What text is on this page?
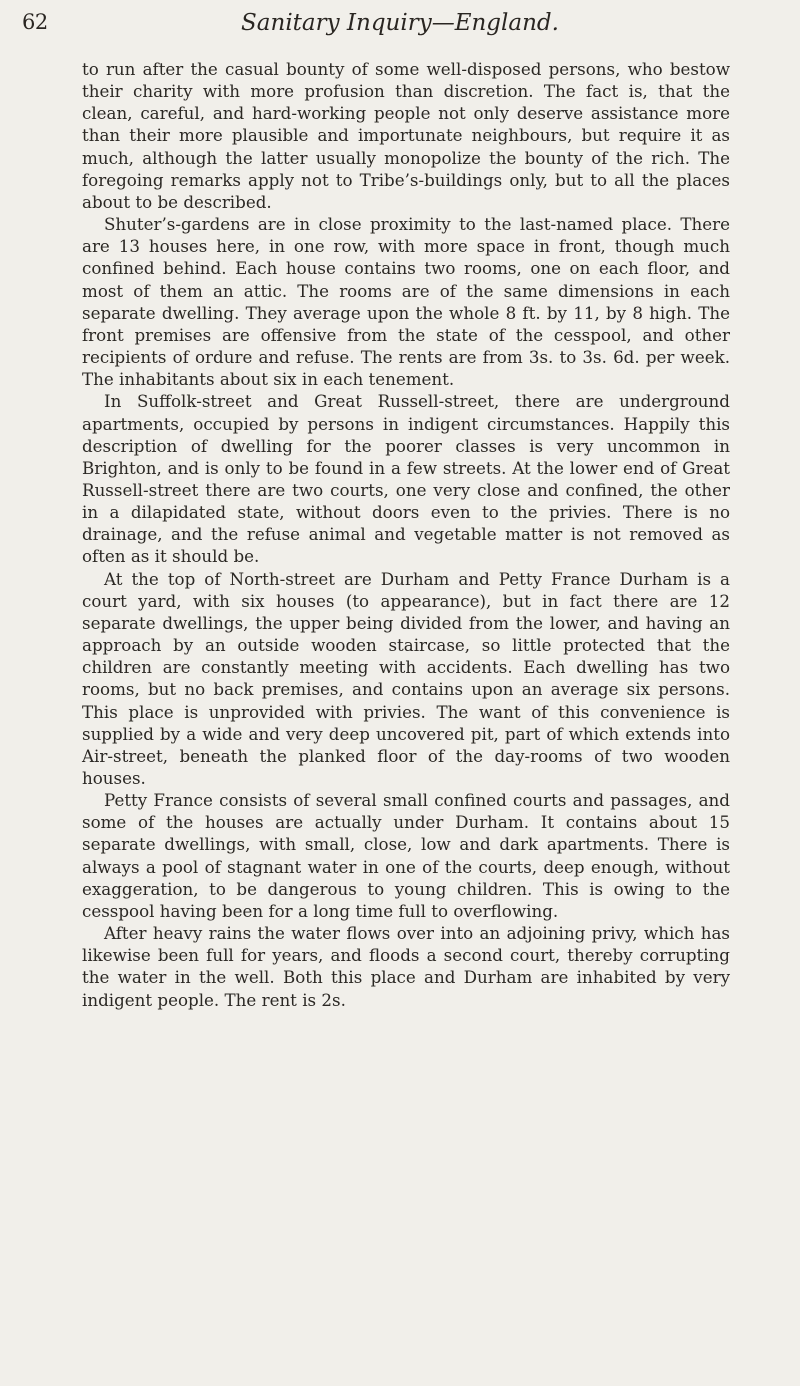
62	Sanitary Inquiry—England.

to run after the casual bounty of some well-disposed persons, who bestow their charity with more profusion than discretion. The fact is, that the clean, careful, and hard-working people not only deserve assistance more than their more plausible and importunate neighbours, but require it as much, although the latter usually monopolize the bounty of the rich. The foregoing remarks apply not to Tribe’s-buildings only, but to all the places about to be described.

Shuter’s-gardens are in close proximity to the last-named place. There are 13 houses here, in one row, with more space in front, though much confined behind. Each house contains two rooms, one on each floor, and most of them an attic. The rooms are of the same dimensions in each separate dwelling. They average upon the whole 8 ft. by 11, by 8 high. The front premises are offensive from the state of the cesspool, and other recipients of ordure and refuse. The rents are from 3s. to 3s. 6d. per week. The inhabitants about six in each tenement.

In Suffolk-street and Great Russell-street, there are underground apartments, occupied by persons in indigent circumstances. Happily this description of dwelling for the poorer classes is very uncommon in Brighton, and is only to be found in a few streets. At the lower end of Great Russell-street there are two courts, one very close and confined, the other in a dilapidated state, without doors even to the privies. There is no drainage, and the refuse animal and vegetable matter is not removed as often as it should be.

At the top of North-street are Durham and Petty France Durham is a court yard, with six houses (to appearance), but in fact there are 12 separate dwellings, the upper being divided from the lower, and having an approach by an outside wooden staircase, so little protected that the children are constantly meeting with accidents. Each dwelling has two rooms, but no back premises, and contains upon an average six persons. This place is unprovided with privies. The want of this convenience is supplied by a wide and very deep uncovered pit, part of which extends into Air-street, beneath the planked floor of the day-rooms of two wooden houses.

Petty France consists of several small confined courts and passages, and some of the houses are actually under Durham. It contains about 15 separate dwellings, with small, close, low and dark apartments. There is always a pool of stagnant water in one of the courts, deep enough, without exaggeration, to be dangerous to young children. This is owing to the cesspool having been for a long time full to overflowing.

After heavy rains the water flows over into an adjoining privy, which has likewise been full for years, and floods a second court, thereby corrupting the water in the well. Both this place and Durham are inhabited by very indigent people. The rent is 2s.
